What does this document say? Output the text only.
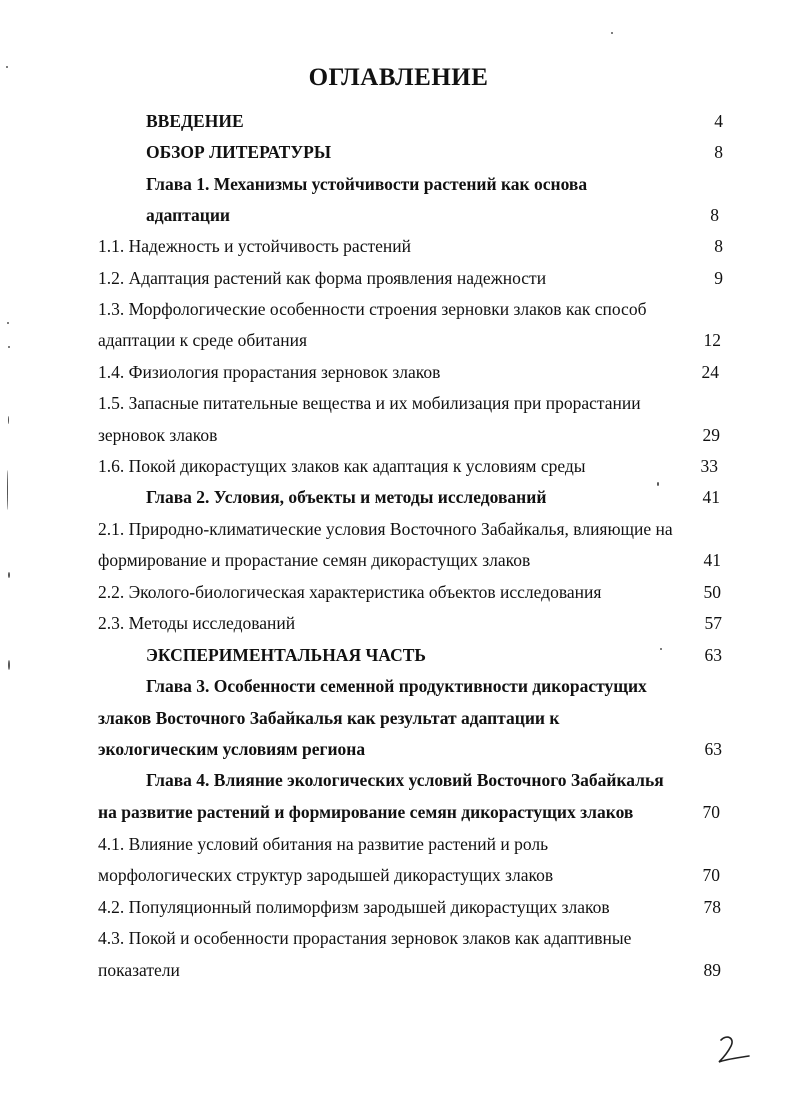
ОГЛАВЛЕНИЕ
ВВЕДЕНИЕ	4
ОБЗОР ЛИТЕРАТУРЫ	8
Глава 1. Механизмы устойчивости растений как основа
адаптации	8
1.1. Надежность и устойчивость растений	8
1.2. Адаптация растений как форма проявления надежности	9
1.3. Морфологические особенности строения зерновки злаков как способ
адаптации к среде обитания	12
1.4. Физиология прорастания зерновок злаков	24
1.5. Запасные питательные вещества и их мобилизация при прорастании
зерновок злаков	29
1.6. Покой дикорастущих злаков как адаптация к условиям среды	33
Глава 2. Условия, объекты и методы исследований	41
2.1. Природно-климатические условия Восточного Забайкалья, влияющие на
формирование и прорастание семян дикорастущих злаков	41
2.2. Эколого-биологическая характеристика объектов исследования	50
2.3. Методы исследований	57
ЭКСПЕРИМЕНТАЛЬНАЯ ЧАСТЬ	63
Глава 3. Особенности семенной продуктивности дикорастущих
злаков Восточного Забайкалья как результат адаптации к
экологическим условиям региона	63
Глава 4. Влияние экологических условий Восточного Забайкалья
на развитие растений и формирование семян дикорастущих злаков	70
4.1. Влияние условий обитания на развитие растений и роль
морфологических структур зародышей дикорастущих злаков	70
4.2. Популяционный полиморфизм зародышей дикорастущих злаков	78
4.3. Покой и особенности прорастания зерновок злаков как адаптивные
показатели	89
